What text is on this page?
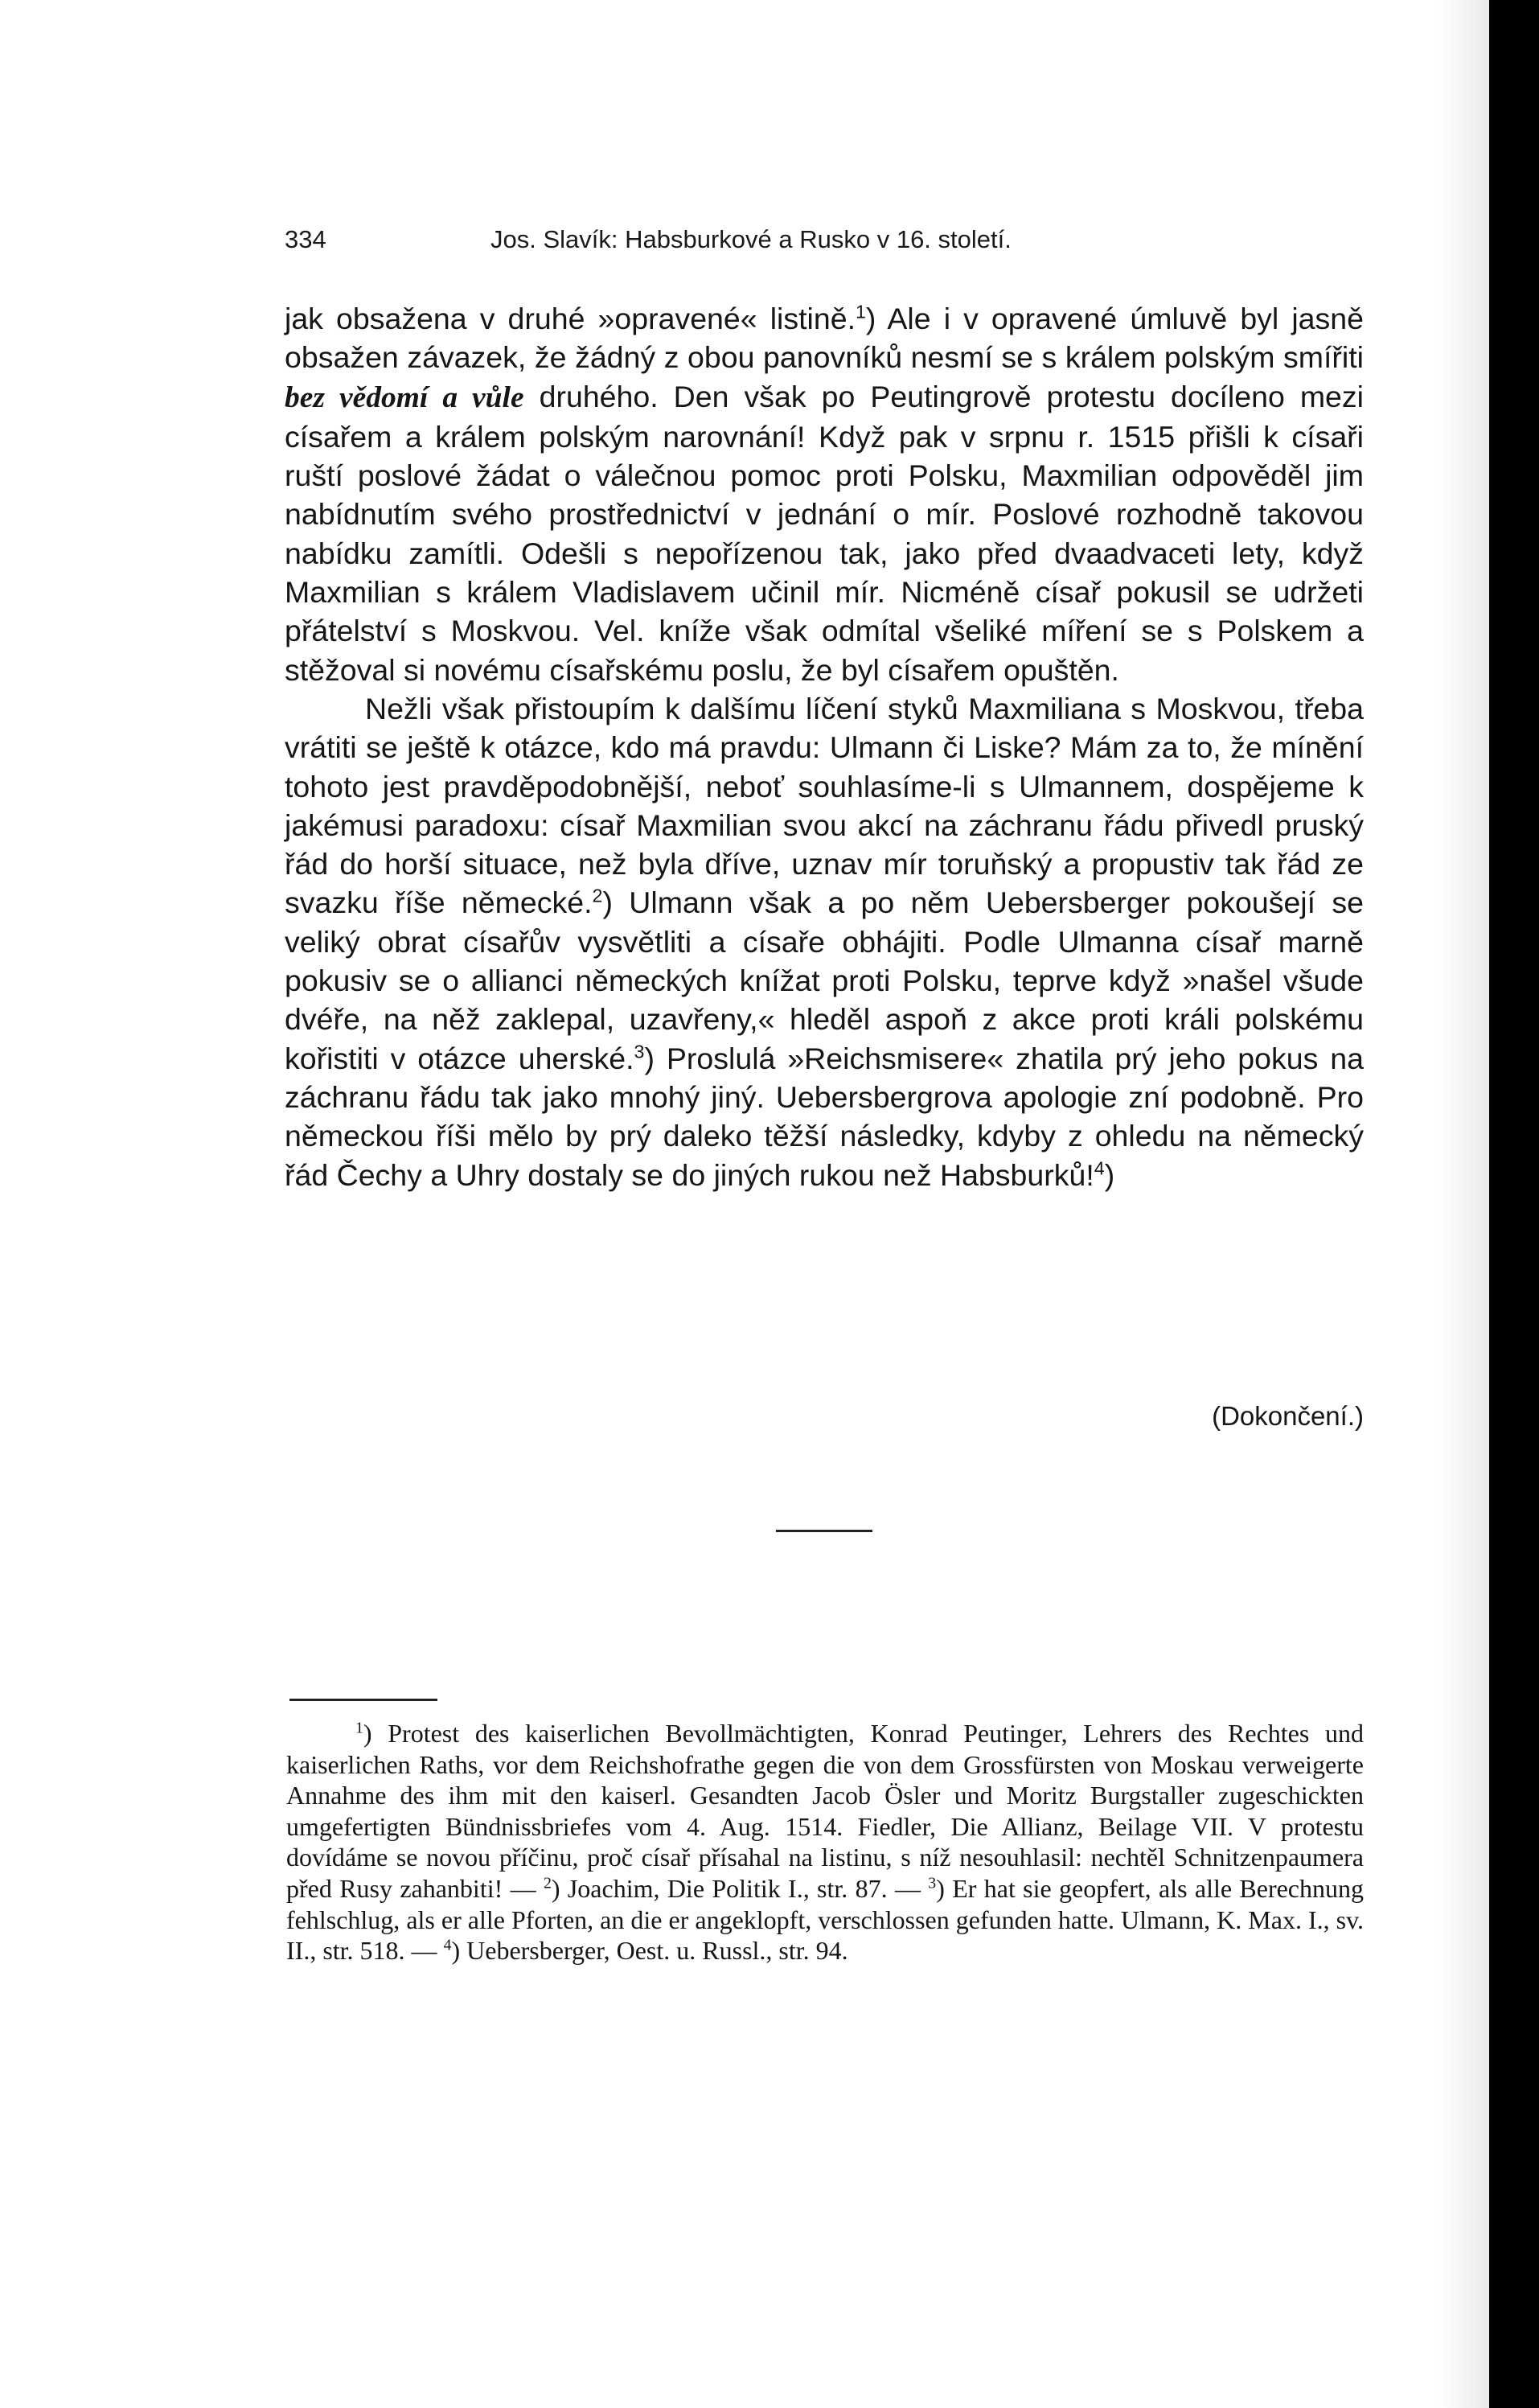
334	Jos. Slavík: Habsburkové a Rusko v 16. století.

jak obsažena v druhé »opravené« listině.$^1$) Ale i v opravené úmluvě byl jasně obsažen závazek, že žádný z obou panovníků nesmí se s králem polským smířiti bez vědomí a vůle druhého. Den však po Peutingrově protestu docíleno mezi císařem a králem polským narovnání! Když pak v srpnu r. 1515 přišli k císaři ruští poslové žádat o válečnou pomoc proti Polsku, Maxmilian odpověděl jim nabídnutím svého prostřednictví v jednání o mír. Poslové rozhodně takovou nabídku zamítli. Odešli s nepořízenou tak, jako před dvaadvaceti lety, když Maxmilian s králem Vladislavem učinil mír. Nicméně císař pokusil se udržeti přátelství s Moskvou. Vel. kníže však odmítal všeliké míření se s Polskem a stěžoval si novému císařskému poslu, že byl císařem opuštěn.

Nežli však přistoupím k dalšímu líčení styků Maxmiliana s Moskvou, třeba vrátiti se ještě k otázce, kdo má pravdu: Ulmann či Liske? Mám za to, že mínění tohoto jest pravděpodobnější, neboť souhlasíme-li s Ulmannem, dospějeme k jakémusi paradoxu: císař Maxmilian svou akcí na záchranu řádu přivedl pruský řád do horší situace, než byla dříve, uznav mír toruňský a propustiv tak řád ze svazku říše německé.$^2$) Ulmann však a po něm Uebersberger pokoušejí se veliký obrat císařův vysvětliti a císaře obhájiti. Podle Ulmanna císař marně pokusiv se o allianci německých knížat proti Polsku, teprve když »našel všude dvéře, na něž zaklepal, uzavřeny,« hleděl aspoň z akce proti králi polskému kořistiti v otázce uherské.$^3$) Proslulá »Reichsmisere« zhatila prý jeho pokus na záchranu řádu tak jako mnohý jiný. Uebersbergrova apologie zní podobně. Pro německou říši mělo by prý daleko těžší následky, kdyby z ohledu na německý řád Čechy a Uhry dostaly se do jiných rukou než Habsburků!$^4$)

(Dokončení.)

$^1$) Protest des kaiserlichen Bevollmächtigten, Konrad Peutinger, Lehrers des Rechtes und kaiserlichen Raths, vor dem Reichshofrathe gegen die von dem Grossfürsten von Moskau verweigerte Annahme des ihm mit den kaiserl. Gesandten Jacob Ösler und Moritz Burgstaller zugeschickten umgefertigten Bündnissbriefes vom 4. Aug. 1514. Fiedler, Die Allianz, Beilage VII. V protestu dovídáme se novou příčinu, proč císař přísahal na listinu, s níž nesouhlasil: nechtěl Schnitzenpaumera před Rusy zahanbiti! — $^2$) Joachim, Die Politik I., str. 87. — $^3$) Er hat sie geopfert, als alle Berechnung fehlschlug, als er alle Pforten, an die er angeklopft, verschlossen gefunden hatte. Ulmann, K. Max. I., sv. II., str. 518. — $^4$) Uebersberger, Oest. u. Russl., str. 94.
